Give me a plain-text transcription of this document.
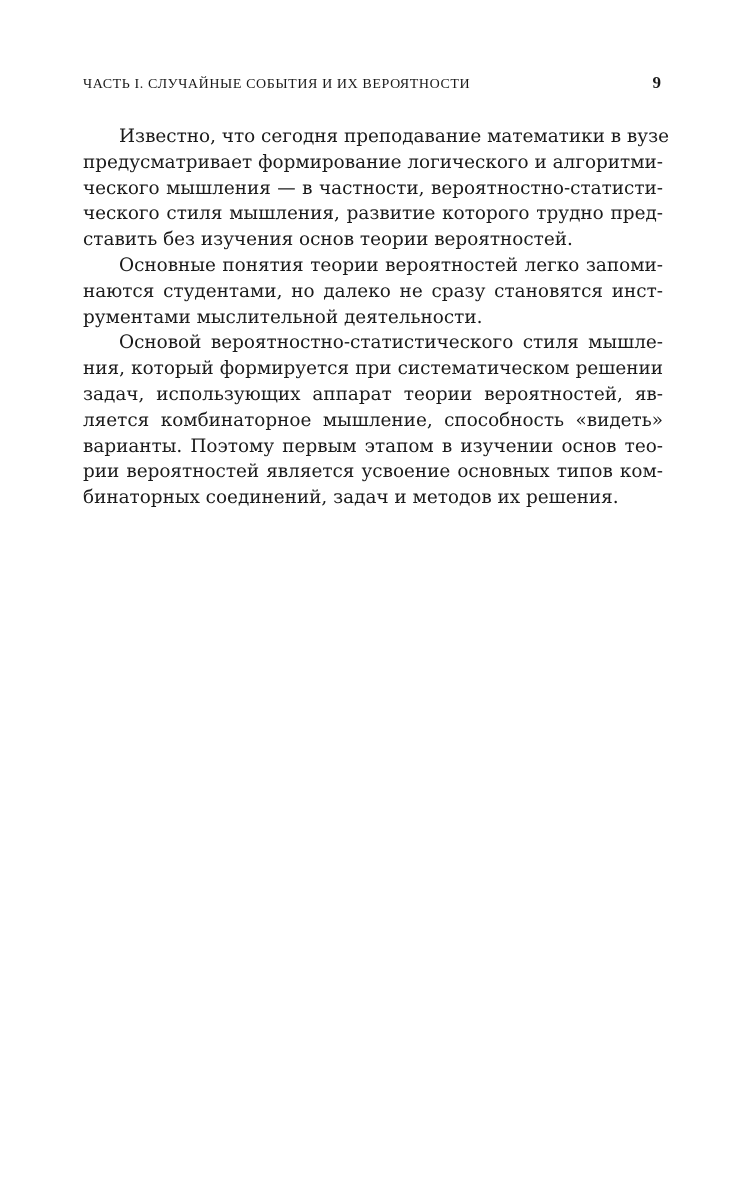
ЧАСТЬ I. СЛУЧАЙНЫЕ СОБЫТИЯ И ИХ ВЕРОЯТНОСТИ	9

Известно, что сегодня преподавание математики в вузе
предусматривает формирование логического и алгоритми-
ческого мышления — в частности, вероятностно-статисти-
ческого стиля мышления, развитие которого трудно пред-
ставить без изучения основ теории вероятностей.

Основные понятия теории вероятностей легко запоми-
наются студентами, но далеко не сразу становятся инст-
рументами мыслительной деятельности.

Основой вероятностно-статистического стиля мышле-
ния, который формируется при систематическом решении
задач, использующих аппарат теории вероятностей, яв-
ляется комбинаторное мышление, способность «видеть»
варианты. Поэтому первым этапом в изучении основ тео-
рии вероятностей является усвоение основных типов ком-
бинаторных соединений, задач и методов их решения.
